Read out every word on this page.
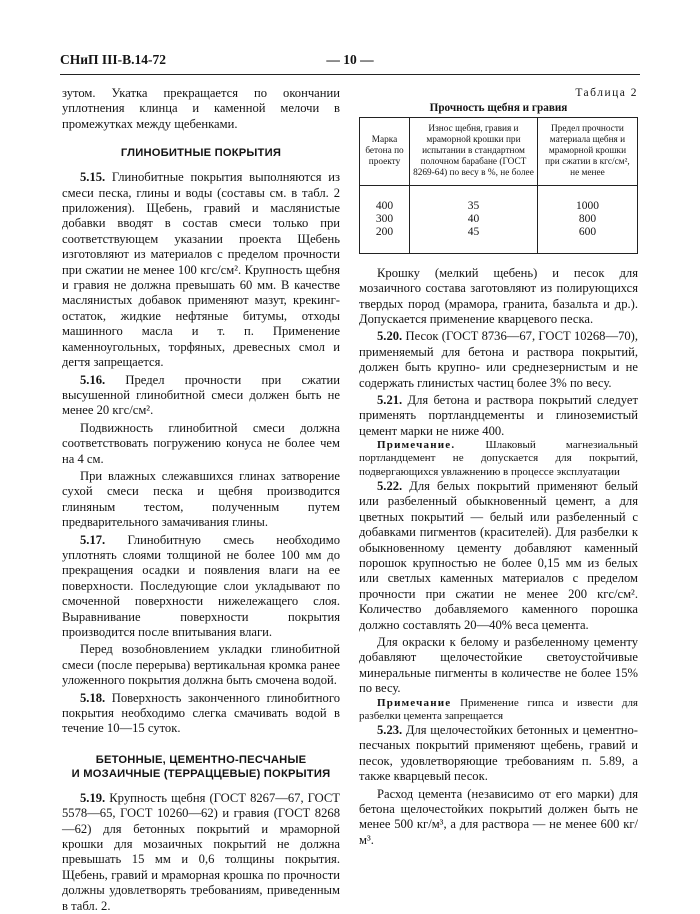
СНиП III-В.14-72	— 10 —

зутом. Укатка прекращается по окончании уплотнения клинца и каменной мелочи в промежутках между щебенками.

ГЛИНОБИТНЫЕ ПОКРЫТИЯ

5.15. Глинобитные покрытия выполняются из смеси песка, глины и воды (составы см. в табл. 2 приложения). Щебень, гравий и маслянистые добавки вводят в состав смеси только при соответствующем указании проекта Щебень изготовляют из материалов с пределом прочности при сжатии не менее 100 кгс/см². Крупность щебня и гравия не должна превышать 60 мм. В качестве маслянистых добавок применяют мазут, крекинг-остаток, жидкие нефтяные битумы, отходы машинного масла и т. п. Применение каменноугольных, торфяных, древесных смол и дегтя запрещается.

5.16. Предел прочности при сжатии высушенной глинобитной смеси должен быть не менее 20 кгс/см².

Подвижность глинобитной смеси должна соответствовать погружению конуса не более чем на 4 см.

При влажных слежавшихся глинах затворение сухой смеси песка и щебня производится глиняным тестом, полученным путем предварительного замачивания глины.

5.17. Глинобитную смесь необходимо уплотнять слоями толщиной не более 100 мм до прекращения осадки и появления влаги на ее поверхности. Последующие слои укладывают по смоченной поверхности нижележащего слоя. Выравнивание поверхности покрытия производится после впитывания влаги.

Перед возобновлением укладки глинобитной смеси (после перерыва) вертикальная кромка ранее уложенного покрытия должна быть смочена водой.

5.18. Поверхность законченного глинобитного покрытия необходимо слегка смачивать водой в течение 10—15 суток.

БЕТОННЫЕ, ЦЕМЕНТНО-ПЕСЧАНЫЕ
И МОЗАИЧНЫЕ (ТЕРРАЦЦЕВЫЕ) ПОКРЫТИЯ

5.19. Крупность щебня (ГОСТ 8267—67, ГОСТ 5578—65, ГОСТ 10260—62) и гравия (ГОСТ 8268—62) для бетонных покрытий и мраморной крошки для мозаичных покрытий не должна превышать 15 мм и 0,6 толщины покрытия. Щебень, гравий и мраморная крошка по прочности должны удовлетворять требованиям, приведенным в табл. 2.

Таблица 2

Прочность щебня и гравия

Марка бетона по проекту	Износ щебня, гравия и мраморной крошки при испытании в стандартном полочном барабане (ГОСТ 8269-64) по весу в %, не более	Предел прочности материала щебня и мраморной крошки при сжатии в кгс/см², не менее
400	35	1000
300	40	800
200	45	600

Крошку (мелкий щебень) и песок для мозаичного состава заготовляют из полирующихся твердых пород (мрамора, гранита, базальта и др.). Допускается применение кварцевого песка.

5.20. Песок (ГОСТ 8736—67, ГОСТ 10268—70), применяемый для бетона и раствора покрытий, должен быть крупно- или среднезернистым и не содержать глинистых частиц более 3% по весу.

5.21. Для бетона и раствора покрытий следует применять портландцементы и глиноземистый цемент марки не ниже 400.

Примечание. Шлаковый магнезиальный портландцемент не допускается для покрытий, подвергающихся увлажнению в процессе эксплуатации

5.22. Для белых покрытий применяют белый или разбеленный обыкновенный цемент, а для цветных покрытий — белый или разбеленный с добавками пигментов (красителей). Для разбелки к обыкновенному цементу добавляют каменный порошок крупностью не более 0,15 мм из белых или светлых каменных материалов с пределом прочности при сжатии не менее 200 кгс/см². Количество добавляемого каменного порошка должно составлять 20—40% веса цемента.

Для окраски к белому и разбеленному цементу добавляют щелочестойкие светоустойчивые минеральные пигменты в количестве не более 15% по весу.

Примечание Применение гипса и извести для разбелки цемента запрещается

5.23. Для щелочестойких бетонных и цементно-песчаных покрытий применяют щебень, гравий и песок, удовлетворяющие требованиям п. 5.89, а также кварцевый песок.

Расход цемента (независимо от его марки) для бетона щелочестойких покрытий должен быть не менее 500 кг/м³, а для раствора — не менее 600 кг/м³.
